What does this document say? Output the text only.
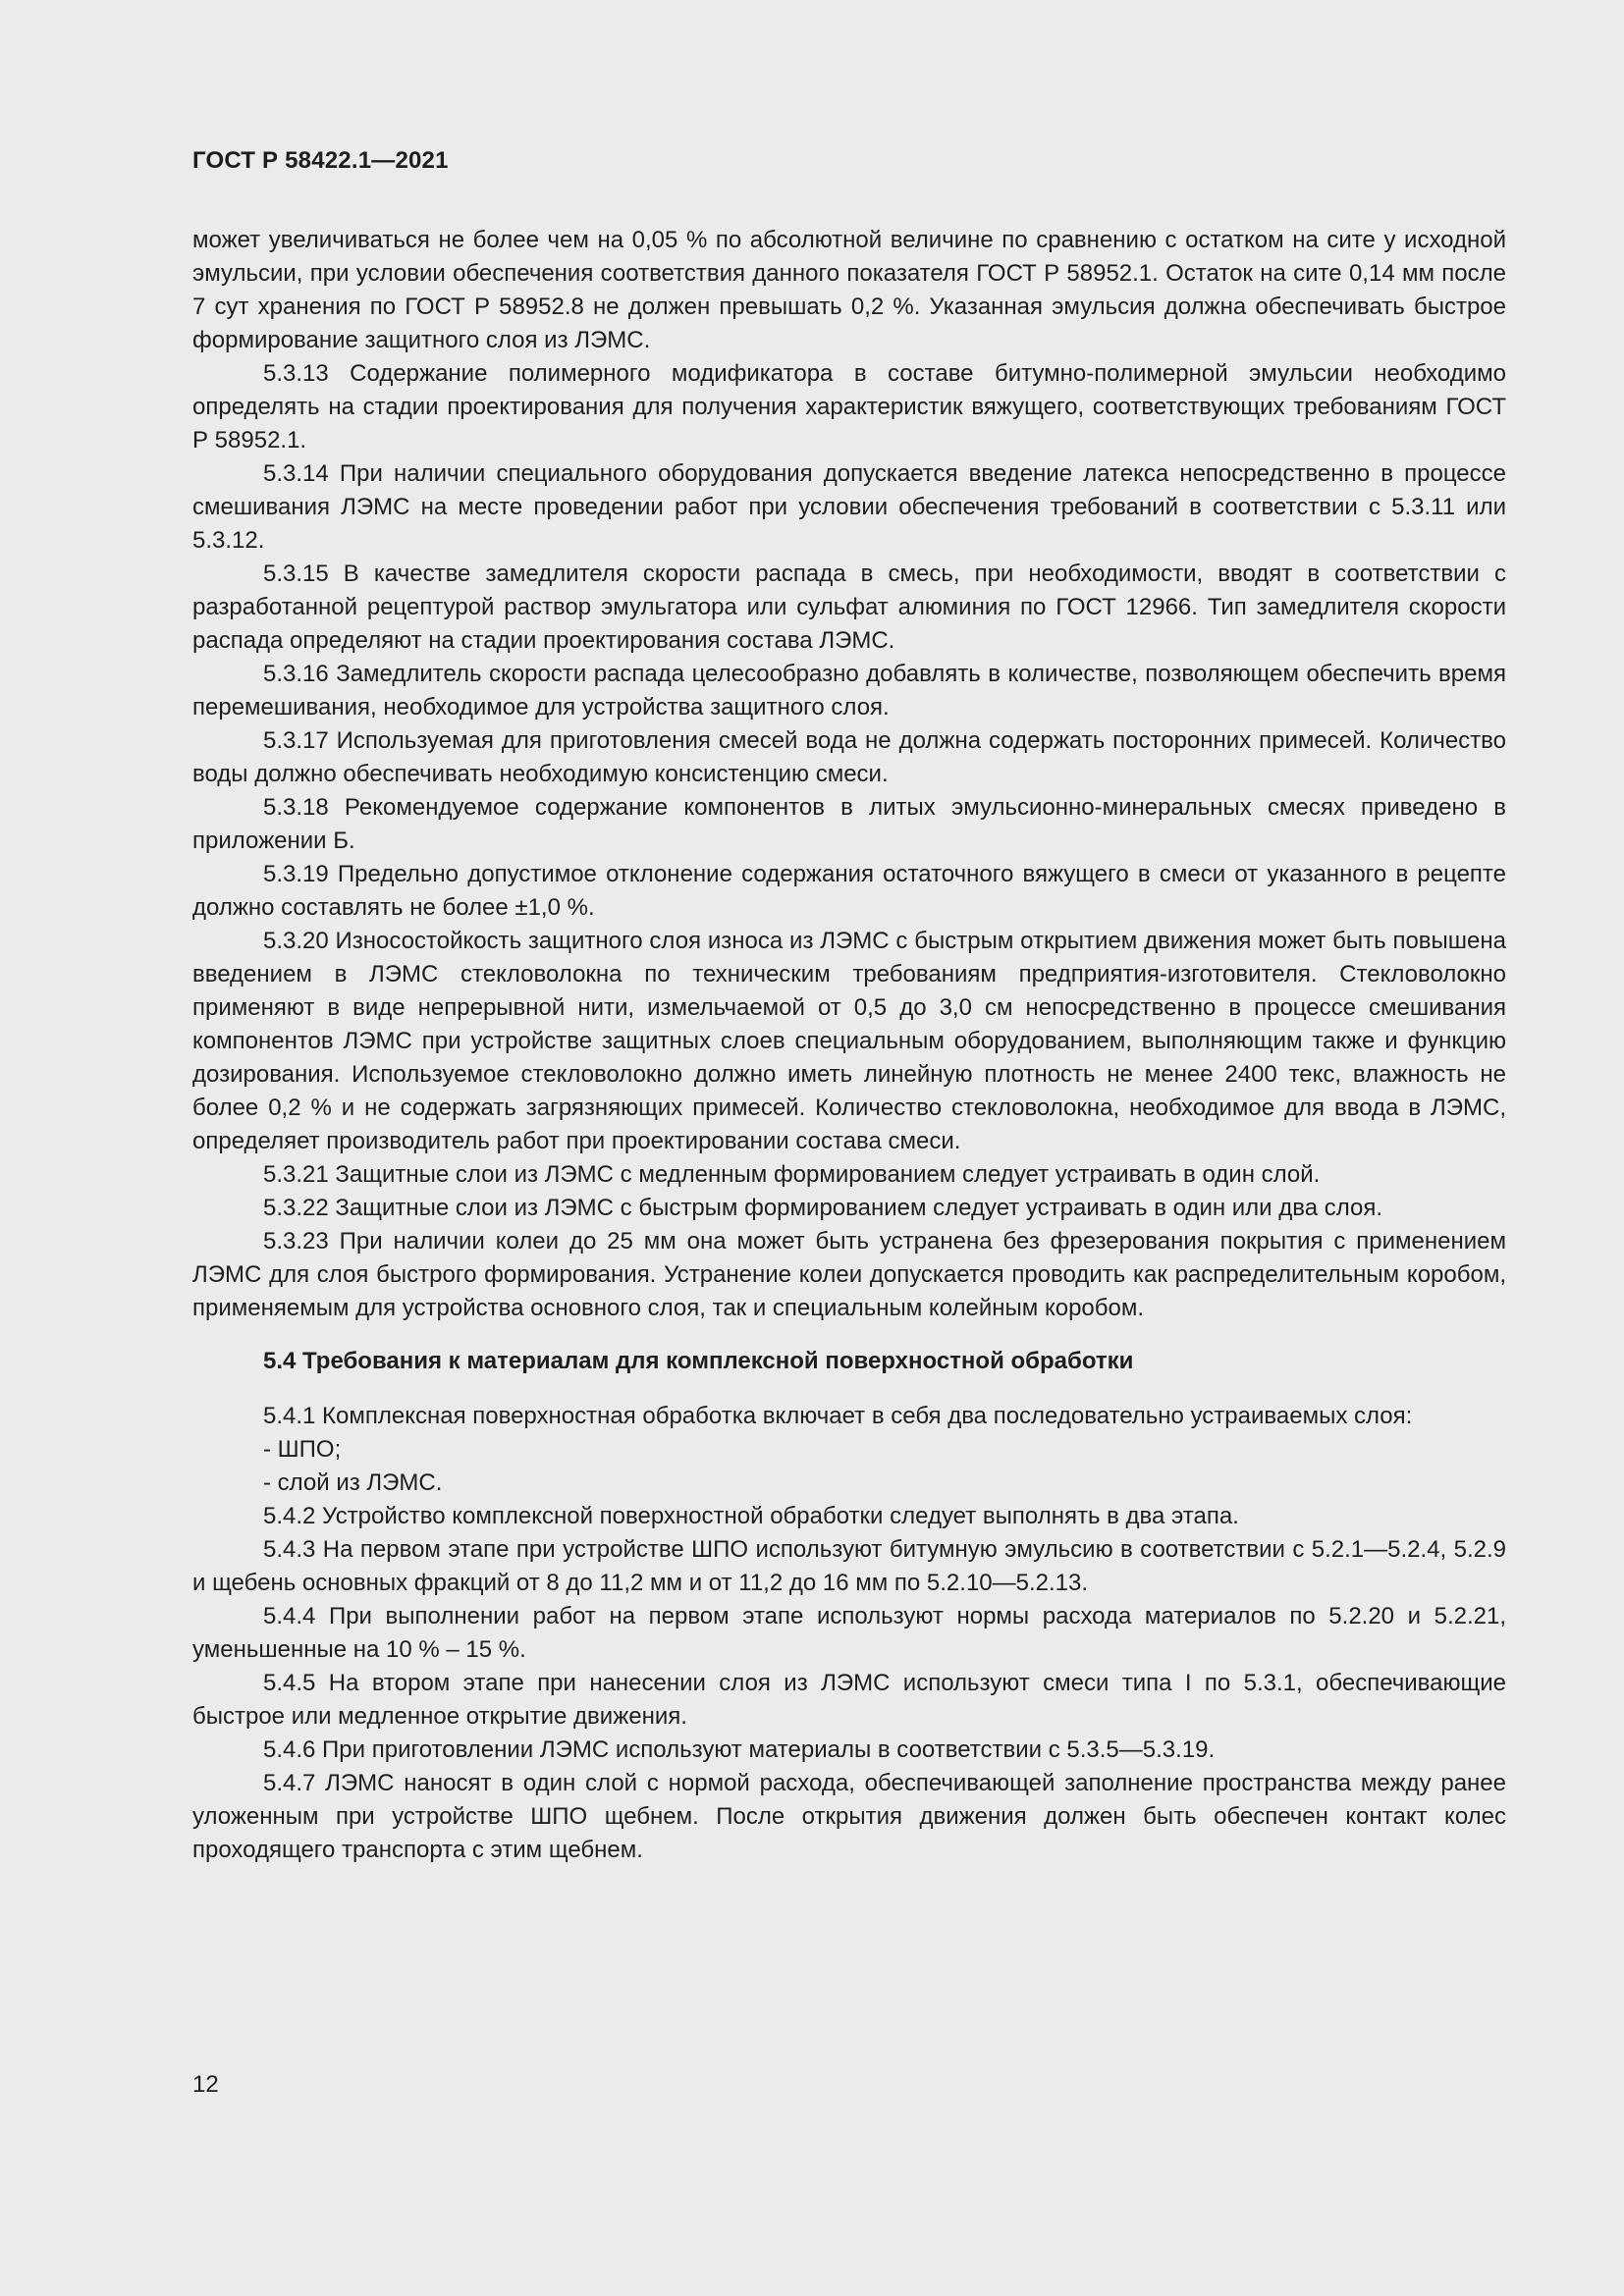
ГОСТ Р 58422.1—2021

может увеличиваться не более чем на 0,05 % по абсолютной величине по сравнению с остатком на сите у исходной эмульсии, при условии обеспечения соответствия данного показателя ГОСТ Р 58952.1. Остаток на сите 0,14 мм после 7 сут хранения по ГОСТ Р 58952.8 не должен превышать 0,2 %. Указанная эмульсия должна обеспечивать быстрое формирование защитного слоя из ЛЭМС.

5.3.13 Содержание полимерного модификатора в составе битумно-полимерной эмульсии необходимо определять на стадии проектирования для получения характеристик вяжущего, соответствующих требованиям ГОСТ Р 58952.1.

5.3.14 При наличии специального оборудования допускается введение латекса непосредственно в процессе смешивания ЛЭМС на месте проведении работ при условии обеспечения требований в соответствии с 5.3.11 или 5.3.12.

5.3.15 В качестве замедлителя скорости распада в смесь, при необходимости, вводят в соответствии с разработанной рецептурой раствор эмульгатора или сульфат алюминия по ГОСТ 12966. Тип замедлителя скорости распада определяют на стадии проектирования состава ЛЭМС.

5.3.16 Замедлитель скорости распада целесообразно добавлять в количестве, позволяющем обеспечить время перемешивания, необходимое для устройства защитного слоя.

5.3.17 Используемая для приготовления смесей вода не должна содержать посторонних примесей. Количество воды должно обеспечивать необходимую консистенцию смеси.

5.3.18 Рекомендуемое содержание компонентов в литых эмульсионно-минеральных смесях приведено в приложении Б.

5.3.19 Предельно допустимое отклонение содержания остаточного вяжущего в смеси от указанного в рецепте должно составлять не более ±1,0 %.

5.3.20 Износостойкость защитного слоя износа из ЛЭМС с быстрым открытием движения может быть повышена введением в ЛЭМС стекловолокна по техническим требованиям предприятия-изготовителя. Стекловолокно применяют в виде непрерывной нити, измельчаемой от 0,5 до 3,0 см непосредственно в процессе смешивания компонентов ЛЭМС при устройстве защитных слоев специальным оборудованием, выполняющим также и функцию дозирования. Используемое стекловолокно должно иметь линейную плотность не менее 2400 текс, влажность не более 0,2 % и не содержать загрязняющих примесей. Количество стекловолокна, необходимое для ввода в ЛЭМС, определяет производитель работ при проектировании состава смеси.

5.3.21 Защитные слои из ЛЭМС с медленным формированием следует устраивать в один слой.

5.3.22 Защитные слои из ЛЭМС с быстрым формированием следует устраивать в один или два слоя.

5.3.23 При наличии колеи до 25 мм она может быть устранена без фрезерования покрытия с применением ЛЭМС для слоя быстрого формирования. Устранение колеи допускается проводить как распределительным коробом, применяемым для устройства основного слоя, так и специальным колейным коробом.

5.4 Требования к материалам для комплексной поверхностной обработки

5.4.1 Комплексная поверхностная обработка включает в себя два последовательно устраиваемых слоя:

- ШПО;

- слой из ЛЭМС.

5.4.2 Устройство комплексной поверхностной обработки следует выполнять в два этапа.

5.4.3 На первом этапе при устройстве ШПО используют битумную эмульсию в соответствии с 5.2.1—5.2.4, 5.2.9 и щебень основных фракций от 8 до 11,2 мм и от 11,2 до 16 мм по 5.2.10—5.2.13.

5.4.4 При выполнении работ на первом этапе используют нормы расхода материалов по 5.2.20 и 5.2.21, уменьшенные на 10 % – 15 %.

5.4.5 На втором этапе при нанесении слоя из ЛЭМС используют смеси типа I по 5.3.1, обеспечивающие быстрое или медленное открытие движения.

5.4.6 При приготовлении ЛЭМС используют материалы в соответствии с 5.3.5—5.3.19.

5.4.7 ЛЭМС наносят в один слой с нормой расхода, обеспечивающей заполнение пространства между ранее уложенным при устройстве ШПО щебнем. После открытия движения должен быть обеспечен контакт колес проходящего транспорта с этим щебнем.

12
